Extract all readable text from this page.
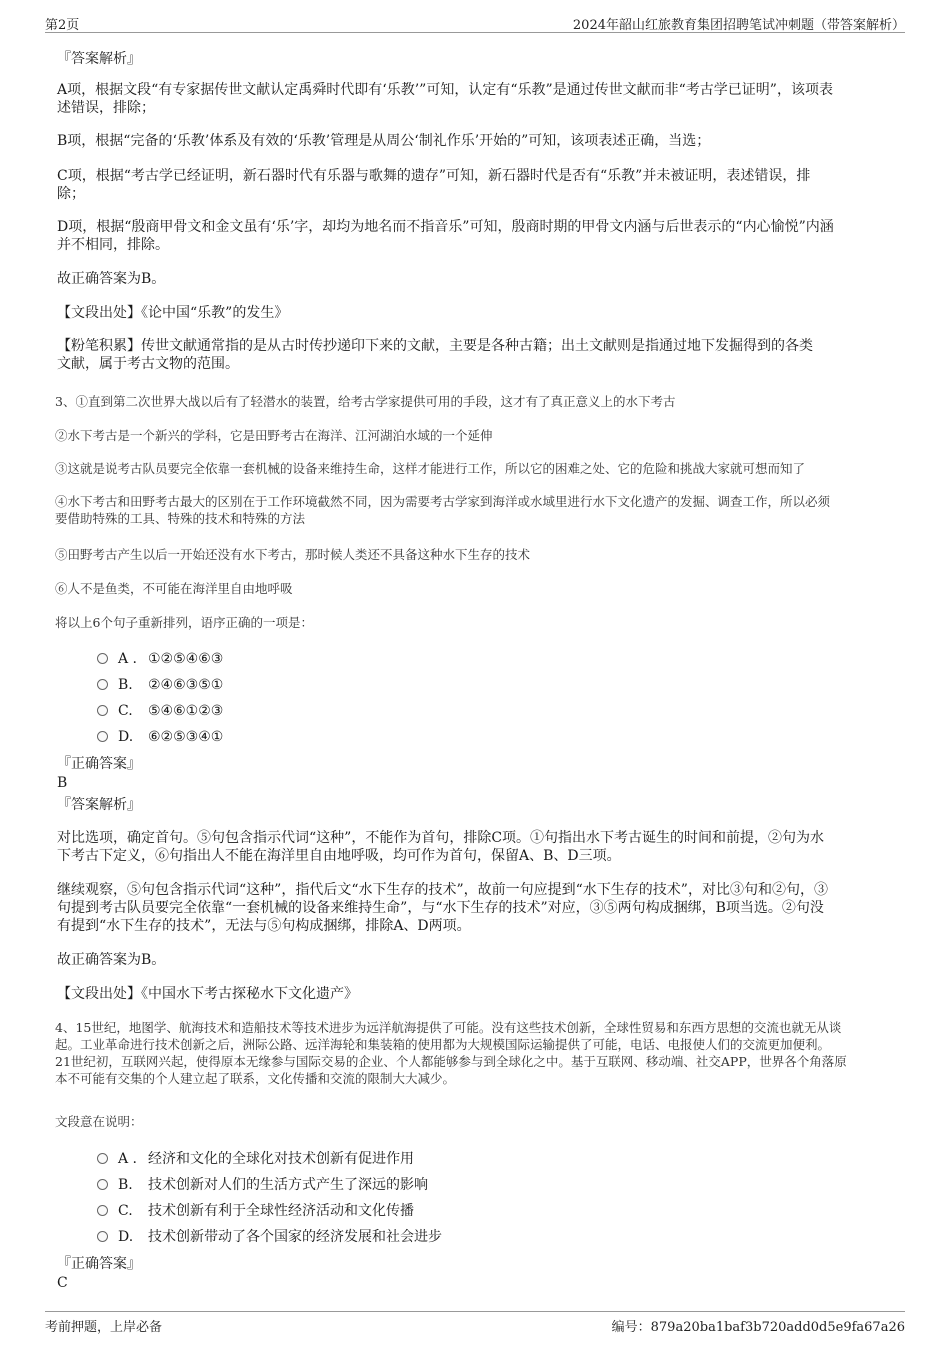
第2页	2024年韶山红旅教育集团招聘笔试冲刺题（带答案解析）
『答案解析』
A项，根据文段“有专家据传世文献认定禹舜时代即有‘乐教’”可知，认定有“乐教”是通过传世文献而非“考古学已证明”，该项表
述错误，排除；
B项，根据“完备的‘乐教’体系及有效的‘乐教’管理是从周公‘制礼作乐’开始的”可知，该项表述正确，当选；
C项，根据“考古学已经证明，新石器时代有乐器与歌舞的遗存”可知，新石器时代是否有“乐教”并未被证明，表述错误，排
除；
D项，根据“殷商甲骨文和金文虽有‘乐’字，却均为地名而不指音乐”可知，殷商时期的甲骨文内涵与后世表示的“内心愉悦”内涵
并不相同，排除。
故正确答案为B。
【文段出处】《论中国“乐教”的发生》
【粉笔积累】传世文献通常指的是从古时传抄递印下来的文献，主要是各种古籍；出土文献则是指通过地下发掘得到的各类
文献，属于考古文物的范围。
3、①直到第二次世界大战以后有了轻潜水的装置，给考古学家提供可用的手段，这才有了真正意义上的水下考古
②水下考古是一个新兴的学科，它是田野考古在海洋、江河湖泊水域的一个延伸
③这就是说考古队员要完全依靠一套机械的设备来维持生命，这样才能进行工作，所以它的困难之处、它的危险和挑战大家就可想而知了
④水下考古和田野考古最大的区别在于工作环境截然不同，因为需要考古学家到海洋或水域里进行水下文化遗产的发掘、调查工作，所以必须
要借助特殊的工具、特殊的技术和特殊的方法
⑤田野考古产生以后一开始还没有水下考古，那时候人类还不具备这种水下生存的技术
⑥人不是鱼类，不可能在海洋里自由地呼吸
将以上6个句子重新排列，语序正确的一项是：
A . ①②⑤④⑥③
B. ②④⑥③⑤①
C. ⑤④⑥①②③
D. ⑥②⑤③④①
『正确答案』
B
『答案解析』
对比选项，确定首句。⑤句包含指示代词“这种”，不能作为首句，排除C项。①句指出水下考古诞生的时间和前提，②句为水
下考古下定义，⑥句指出人不能在海洋里自由地呼吸，均可作为首句，保留A、B、D三项。
继续观察，⑤句包含指示代词“这种”，指代后文“水下生存的技术”，故前一句应提到“水下生存的技术”，对比③句和②句，③
句提到考古队员要完全依靠“一套机械的设备来维持生命”，与“水下生存的技术”对应，③⑤两句构成捆绑，B项当选。②句没
有提到“水下生存的技术”，无法与⑤句构成捆绑，排除A、D两项。
故正确答案为B。
【文段出处】《中国水下考古探秘水下文化遗产》
4、15世纪，地图学、航海技术和造船技术等技术进步为远洋航海提供了可能。没有这些技术创新，全球性贸易和东西方思想的交流也就无从谈
起。工业革命进行技术创新之后，洲际公路、远洋海轮和集装箱的使用都为大规模国际运输提供了可能，电话、电报使人们的交流更加便利。
21世纪初，互联网兴起，使得原本无缘参与国际交易的企业、个人都能够参与到全球化之中。基于互联网、移动端、社交APP，世界各个角落原
本不可能有交集的个人建立起了联系，文化传播和交流的限制大大减少。
文段意在说明：
A . 经济和文化的全球化对技术创新有促进作用
B. 技术创新对人们的生活方式产生了深远的影响
C. 技术创新有利于全球性经济活动和文化传播
D. 技术创新带动了各个国家的经济发展和社会进步
『正确答案』
C
考前押题，上岸必备	编号：879a20ba1baf3b720add0d5e9fa67a26
